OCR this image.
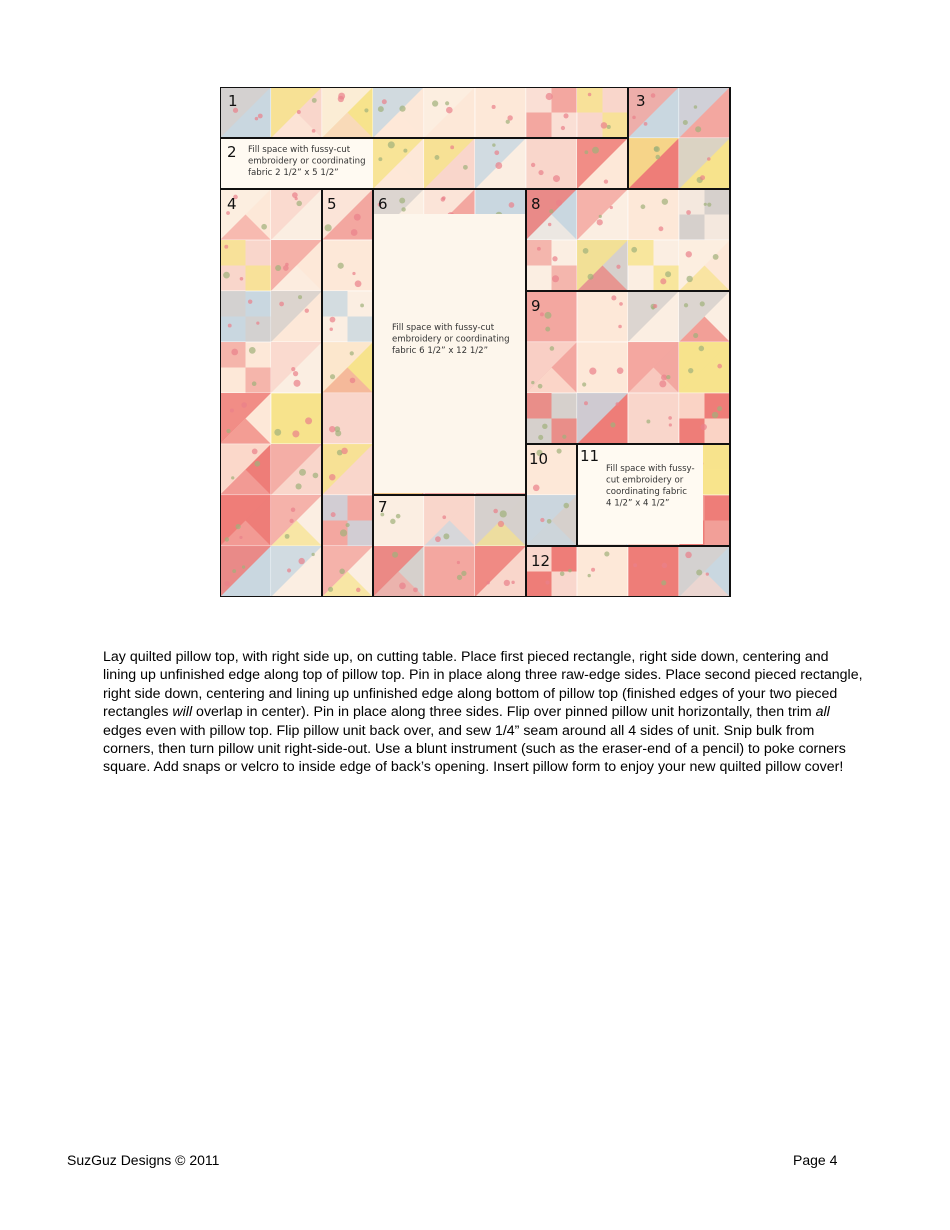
1
2
3
4	5	6
7
8
9
10 11
12
Fill space with fussy-cut
embroidery or coordinating
fabric 2 1/2” x 5 1/2”
Fill space with fussy-cut
embroidery or coordinating
fabric 6 1/2” x 12 1/2”
Fill space with fussy-
cut embroidery or
coordinating fabric
4 1/2” x 4 1/2”

Lay quilted pillow top, with right side up, on cutting table. Place first pieced rectangle, right side down, centering and lining up unfinished edge along top of pillow top. Pin in place along three raw-edge sides. Place second pieced rectangle, right side down, centering and lining up unfinished edge along bottom of pillow top (finished edges of your two pieced rectangles will overlap in center). Pin in place along three sides. Flip over pinned pillow unit horizontally, then trim all edges even with pillow top. Flip pillow unit back over, and sew 1/4” seam around all 4 sides of unit. Snip bulk from corners, then turn pillow unit right-side-out. Use a blunt instrument (such as the eraser-end of a pencil) to poke corners square. Add snaps or velcro to inside edge of back’s opening. Insert pillow form to enjoy your new quilted pillow cover!

SuzGuz Designs © 2011	Page 4
